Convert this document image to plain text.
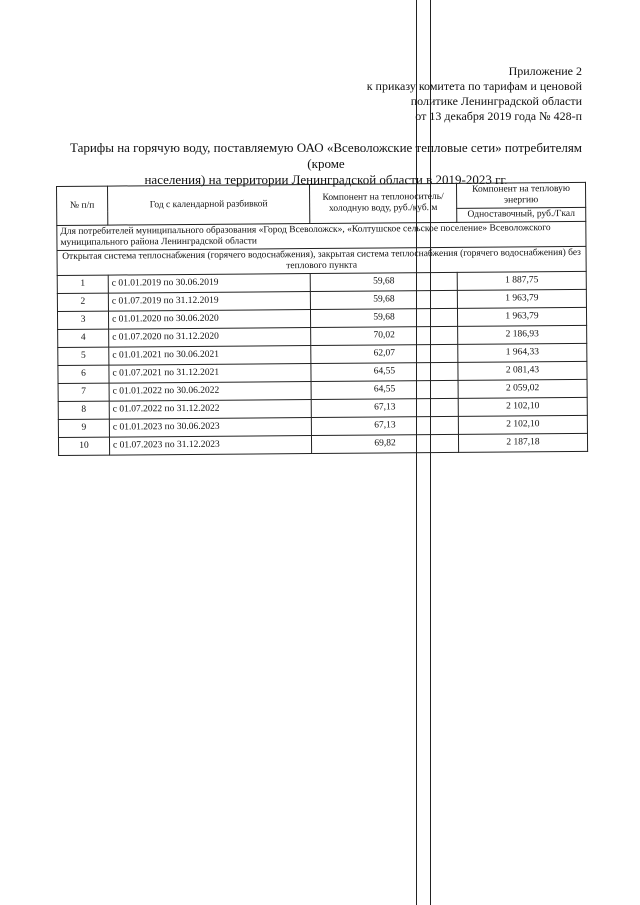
Приложение 2
к приказу комитета по тарифам и ценовой
политике Ленинградской области
от 13 декабря 2019 года № 428-п
Тарифы на горячую воду, поставляемую ОАО «Всеволожские тепловые сети» потребителям (кроме
населения) на территории Ленинградской области в 2019-2023 гг.
№ п/п	Год с календарной разбивкой	Компонент на теплоноситель/ холодную воду, руб./куб. м	Компонент на тепловую энергию
			Одноставочный, руб./Гкал
Для потребителей муниципального образования «Город Всеволожск», «Колтушское сельское поселение» Всеволожского муниципального района Ленинградской области			
Открытая система теплоснабжения (горячего водоснабжения), закрытая система теплоснабжения (горячего водоснабжения) без теплового пункта			
1	с 01.01.2019 по 30.06.2019	59,68	1 887,75
2	с 01.07.2019 по 31.12.2019	59,68	1 963,79
3	с 01.01.2020 по 30.06.2020	59,68	1 963,79
4	с 01.07.2020 по 31.12.2020	70,02	2 186,93
5	с 01.01.2021 по 30.06.2021	62,07	1 964,33
6	с 01.07.2021 по 31.12.2021	64,55	2 081,43
7	с 01.01.2022 по 30.06.2022	64,55	2 059,02
8	с 01.07.2022 по 31.12.2022	67,13	2 102,10
9	с 01.01.2023 по 30.06.2023	67,13	2 102,10
10	с 01.07.2023 по 31.12.2023	69,82	2 187,18
